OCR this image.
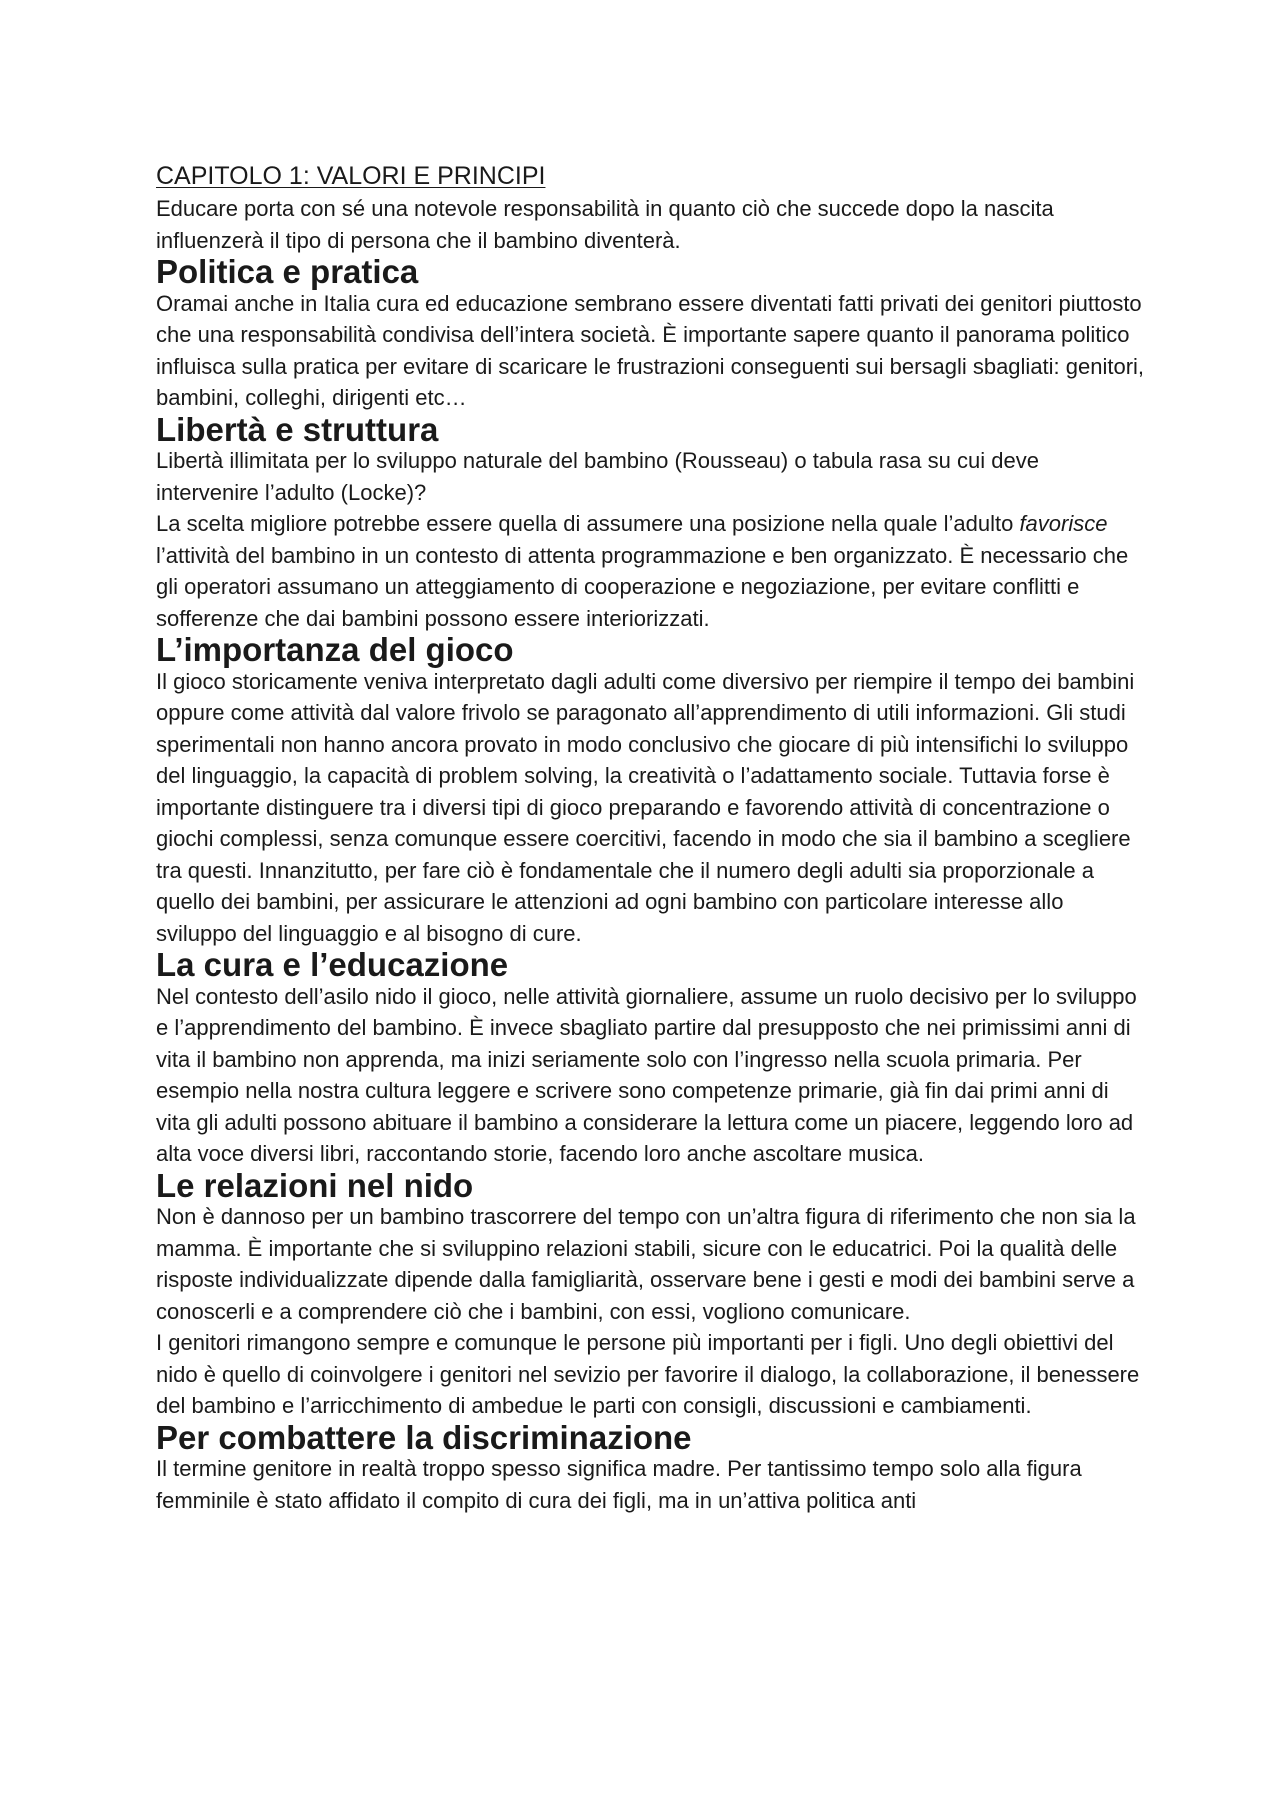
CAPITOLO 1: VALORI E PRINCIPI

Educare porta con sé una notevole responsabilità in quanto ciò che succede dopo la nascita influenzerà il tipo di persona che il bambino diventerà.

Politica e pratica

Oramai anche in Italia cura ed educazione sembrano essere diventati fatti privati dei genitori piuttosto che una responsabilità condivisa dell’intera società. È importante sapere quanto il panorama politico influisca sulla pratica per evitare di scaricare le frustrazioni conseguenti sui bersagli sbagliati: genitori, bambini, colleghi, dirigenti etc…

Libertà e struttura

Libertà illimitata per lo sviluppo naturale del bambino (Rousseau) o tabula rasa su cui deve intervenire l’adulto (Locke)?

La scelta migliore potrebbe essere quella di assumere una posizione nella quale l’adulto favorisce l’attività del bambino in un contesto di attenta programmazione e ben organizzato. È necessario che gli operatori assumano un atteggiamento di cooperazione e negoziazione, per evitare conflitti e sofferenze che dai bambini possono essere interiorizzati.

L’importanza del gioco

Il gioco storicamente veniva interpretato dagli adulti come diversivo per riempire il tempo dei bambini oppure come attività dal valore frivolo se paragonato all’apprendimento di utili informazioni. Gli studi sperimentali non hanno ancora provato in modo conclusivo che giocare di più intensifichi lo sviluppo del linguaggio, la capacità di problem solving, la creatività o l’adattamento sociale. Tuttavia forse è importante distinguere tra i diversi tipi di gioco preparando e favorendo attività di concentrazione o giochi complessi, senza comunque essere coercitivi, facendo in modo che sia il bambino a scegliere tra questi. Innanzitutto, per fare ciò è fondamentale che il numero degli adulti sia proporzionale a quello dei bambini, per assicurare le attenzioni ad ogni bambino con particolare interesse allo sviluppo del linguaggio e al bisogno di cure.

La cura e l’educazione

Nel contesto dell’asilo nido il gioco, nelle attività giornaliere, assume un ruolo decisivo per lo sviluppo e l’apprendimento del bambino. È invece sbagliato partire dal presupposto che nei primissimi anni di vita il bambino non apprenda, ma inizi seriamente solo con l’ingresso nella scuola primaria. Per esempio nella nostra cultura leggere e scrivere sono competenze primarie, già fin dai primi anni di vita gli adulti possono abituare il bambino a considerare la lettura come un piacere, leggendo loro ad alta voce diversi libri, raccontando storie, facendo loro anche ascoltare musica.

Le relazioni nel nido

Non è dannoso per un bambino trascorrere del tempo con un’altra figura di riferimento che non sia la mamma. È importante che si sviluppino relazioni stabili, sicure con le educatrici. Poi la qualità delle risposte individualizzate dipende dalla famigliarità, osservare bene i gesti e modi dei bambini serve a conoscerli e a comprendere ciò che i bambini, con essi, vogliono comunicare.

I genitori rimangono sempre e comunque le persone più importanti per i figli. Uno degli obiettivi del nido è quello di coinvolgere i genitori nel sevizio per favorire il dialogo, la collaborazione, il benessere del bambino e l’arricchimento di ambedue le parti con consigli, discussioni e cambiamenti.

Per combattere la discriminazione

Il termine genitore in realtà troppo spesso significa madre. Per tantissimo tempo solo alla figura femminile è stato affidato il compito di cura dei figli, ma in un’attiva politica anti
